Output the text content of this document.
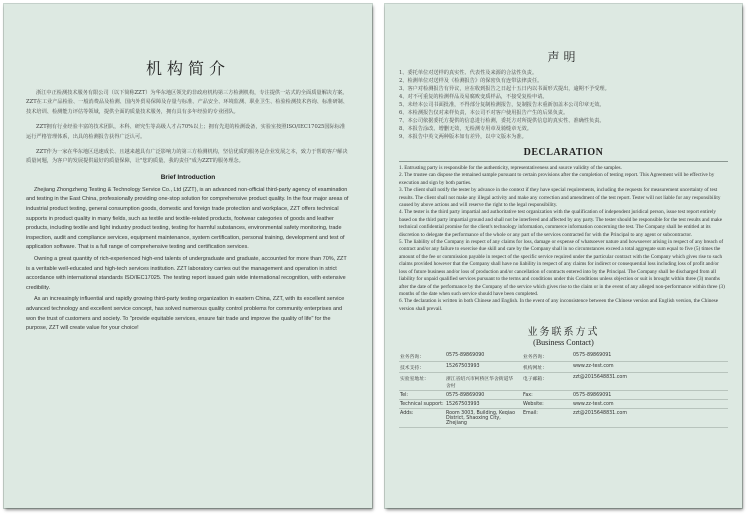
机构简介
浙江中正检测技术服务有限公司（以下简称ZZT）为华东地区领先的非政府机构第三方检测机构，专注提供一站式的全面质量解决方案。ZZT在工业产品检验、一般消费品及检测、国内外贸易保障及存量与标准、产品安全、环境监测、职业卫生、检验检测技术咨询、标准研制、技术培训、检测能力评估等领域，提供全面的质量技术服务，拥有具有多年经验的专业团队。
ZZT拥有行业经验丰富的技术团队，本科、研究生等高级人才占70%以上；拥有先进的检测设备，实验室按照ISO/IEC17025国际标准运行严格管理体系，出具的检测报告获得广泛认可。
ZZT作为一家在华东地区迅速成长、且越来越具有广泛影响力的第三方检测机构，坚信优质的服务是企业发展之本，致力于帮助客户解决质量问题，为客户的发展提供最好的质量保障，让"您的质量，我的责任"成为ZZT的服务理念。
Brief Introduction
Zhejiang Zhongzheng Testing & Technology Service Co., Ltd (ZZT), is an advanced non-official third-party agency of examination and testing in the East China, professionally providing one-stop solution for comprehensive product quality. In the four major areas of industrial product testing, general consumption goods, domestic and foreign trade protection and workplace, ZZT offers technical supports in product quality in many fields, such as textile and textile-related products, footwear categories of goods and leather products, including textile and light industry product testing, testing for harmful substances, environmental safety monitoring, trade inspection, audit and compliance services, equipment maintenance, system certification, personal training, development and test of application software. That is a full range of comprehensive testing and certification services.
Owning a great quantity of rich-experienced high-end talents of undergraduate and graduate, accounted for more than 70%, ZZT is a veritable well-educated and high-tech services institution. ZZT laboratory carries out the management and operation in strict accordance with international standards ISO/IEC17025. The testing report issued gain wide international recognition, with extensive credibility.
As an increasingly influential and rapidly growing third-party testing organization in eastern China, ZZT, with its excellent service advanced technology and excellent service concept, has solved numerous quality control problems for community enterprises and won the trust of customers and society. To "provide equitable services, ensure fair trade and improve the quality of life" for the purpose, ZZT will create value for your choice!
声明
1、委托单位对送样的真实性、代表性及来源的合法性负责。
2、检测单位对送样及《检测报告》的保密负有连带法律责任。
3、客户对检测报告有异议，应在收到报告之日起十五日内以书面形式提出，逾期不予受理。
4、对不可重复的检测样品及易腐败变质样品，不接受复检申请。
5、未经本公司书面批准，不得部分复制检测报告，复制报告未重新加盖本公司印章无效。
6、本检测报告仅对来样负责，本公司不对客户使用报告产生的后果负责。
7、本公司依据委托方提供的信息进行检测，委托方对所提供信息的真实性、准确性负责。
8、本报告涂改、增删无效，无检测专用章及骑缝章无效。
9、本报告中英文两种版本如有差异，以中文版本为准。
DECLARATION
1. Entrusting party is responsible for the authenticity, representativeness and source validity of the samples.
2. The trustee can dispose the remained sample pursuant to certain provisions after the completion of testing report. This Agreement will be effective by execution and sign by both parties.
3. The client shall notify the tester by advance in the context if they have special requirements, including the requests for measurement uncertainty of test results. The client shall not make any illegal activity and make any correction and amendment of the test report. Tester will not liable for any responsibility caused by above actions and will reserve the right to the legal responsibility.
4. The tester is the third party impartial and authoritative test organization with the qualification of independent juridical person, issue test report entirely based on the third party impartial ground and shall not be interfered and affected by any party. The tester should be responsible for the test results and make technical confidential promise for the client's technology information, commerce information concerning the test. The Company shall be entitled at its discretion to delegate the performance of the whole or any part of the services contracted for with the Principal to any agent or subcontractor.
5. The liability of the Company in respect of any claims for loss, damage or expense of whatsoever nature and howsoever arising in respect of any breach of contract and/or any failure to exercise due skill and care by the Company shall in no circumstances exceed a total aggregate sum equal to five (5) times the amount of the fee or commission payable in respect of the specific service required under the particular contract with the Company which gives rise to such claims provided however that the Company shall have no liability in respect of any claims for indirect or consequential loss including loss of profit and/or loss of future business and/or loss of production and/or cancellation of contracts entered into by the Principal. The Company shall be discharged from all liability for unpaid qualified services pursuant to the terms and conditions under this Conditions unless objection or suit is brought within three (3) months after the date of the performance by the Company of the service which gives rise to the claim or in the event of any alleged non-performance within three (3) months of the date when such service should have been completed.
6. The declaration is written in both Chinese and English. In the event of any inconsistence between the Chinese version and English version, the Chinese version shall prevail.
业务联系方式
(Business Contact)
业务咨询：	0575-89869090	业务咨询：	0575-89869091
技术支持：	15267503993	机构网址：	www.zz-test.com
实验室地址：	浙江省绍兴市柯桥区华舍街道华舍村	电子邮箱：	zzt@2015648831.com
Tel:	0575-89869090	Fax:	0575-89869091
Technical support:	15267503993	Website:	www.zz-test.com
Adds:	Room 3003, Building, Keqiao District, Shaoxing City, Zhejiang	Email:	zzt@2015648831.com
